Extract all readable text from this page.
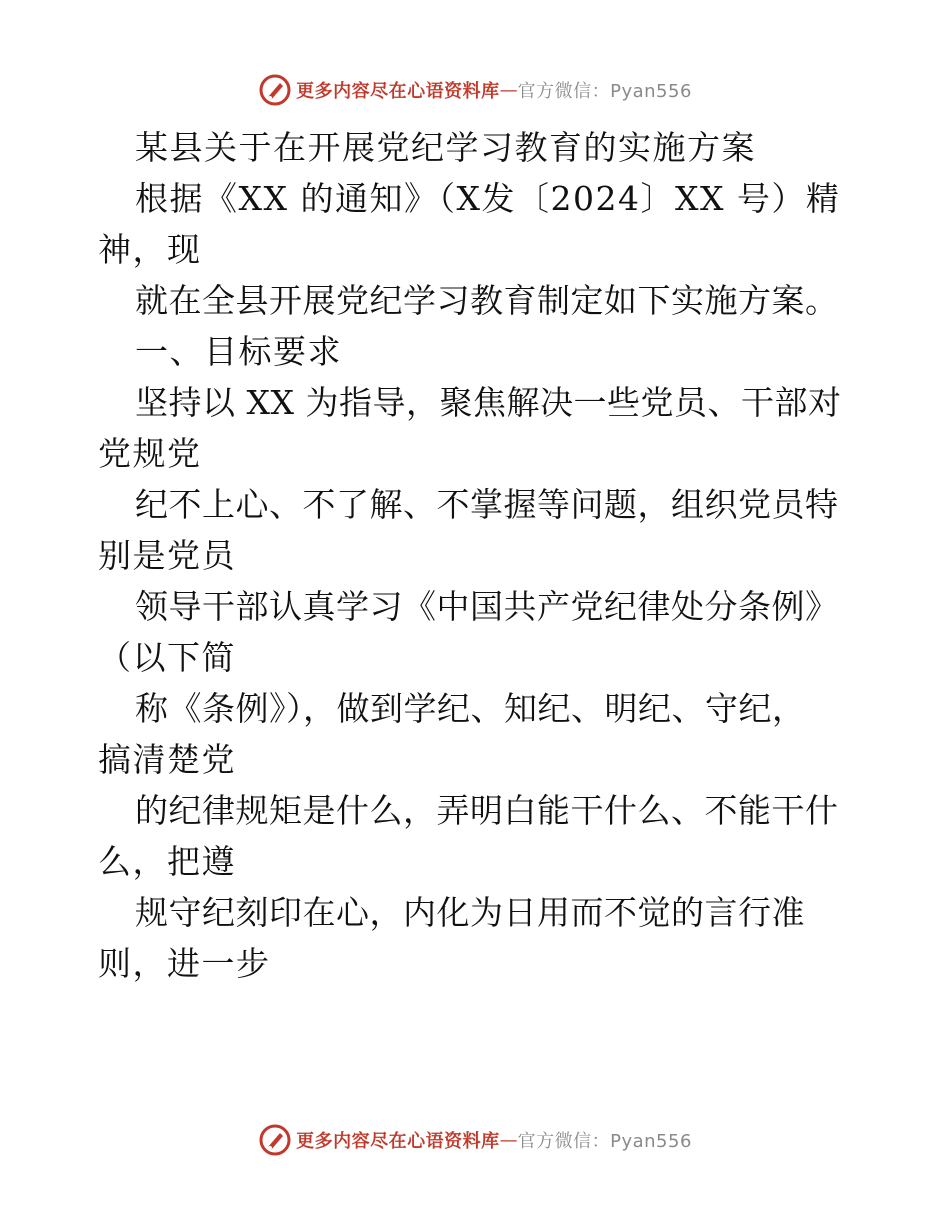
更多内容尽在心语资料库 — 官方微信：Pyan556
某县关于在开展党纪学习教育的实施方案
根据《XX 的通知》（X发〔2024〕XX 号）精
神，现
就在全县开展党纪学习教育制定如下实施方案。
一、目标要求
坚持以 XX 为指导，聚焦解决一些党员、干部对
党规党
纪不上心、不了解、不掌握等问题，组织党员特
别是党员
领导干部认真学习《中国共产党纪律处分条例》
（以下简
称《条例》），做到学纪、知纪、明纪、守纪，
搞清楚党
的纪律规矩是什么，弄明白能干什么、不能干什
么，把遵
规守纪刻印在心，内化为日用而不觉的言行准
则，进一步
更多内容尽在心语资料库 — 官方微信：Pyan556
